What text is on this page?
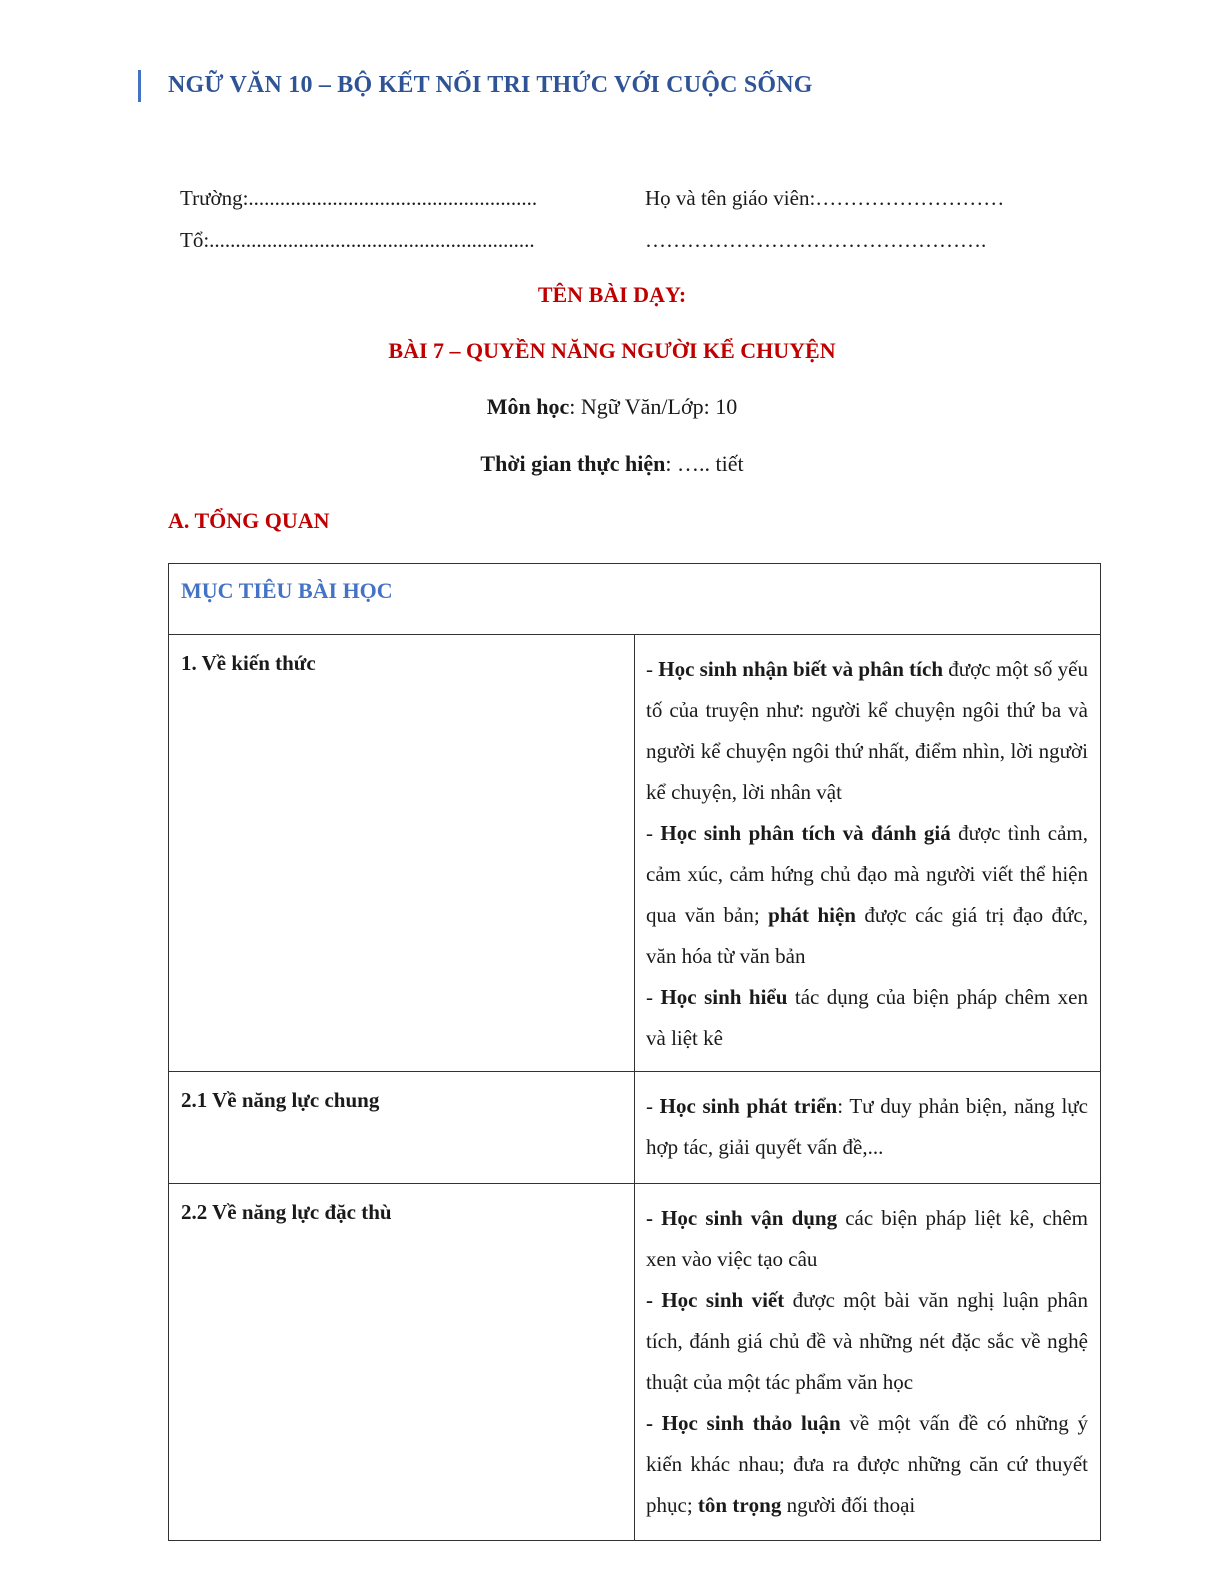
NGỮ VĂN 10 – BỘ KẾT NỐI TRI THỨC VỚI CUỘC SỐNG
Trường:.......................................................	Họ và tên giáo viên:………………………
Tổ:..............................................................	………………………………………….
TÊN BÀI DẠY:
BÀI 7 – QUYỀN NĂNG NGƯỜI KỂ CHUYỆN
Môn học: Ngữ Văn/Lớp: 10
Thời gian thực hiện: ….. tiết
A. TỔNG QUAN
MỤC TIÊU BÀI HỌC	
1. Về kiến thức	- Học sinh nhận biết và phân tích được một số yếu tố của truyện như: người kể chuyện ngôi thứ ba và người kể chuyện ngôi thứ nhất, điểm nhìn, lời người kể chuyện, lời nhân vật

- Học sinh phân tích và đánh giá được tình cảm, cảm xúc, cảm hứng chủ đạo mà người viết thể hiện qua văn bản; phát hiện được các giá trị đạo đức, văn hóa từ văn bản

- Học sinh hiểu tác dụng của biện pháp chêm xen và liệt kê

2.1 Về năng lực chung	- Học sinh phát triển: Tư duy phản biện, năng lực hợp tác, giải quyết vấn đề,...

2.2 Về năng lực đặc thù	- Học sinh vận dụng các biện pháp liệt kê, chêm xen vào việc tạo câu

- Học sinh viết được một bài văn nghị luận phân tích, đánh giá chủ đề và những nét đặc sắc về nghệ thuật của một tác phẩm văn học

- Học sinh thảo luận về một vấn đề có những ý kiến khác nhau; đưa ra được những căn cứ thuyết phục; tôn trọng người đối thoại
